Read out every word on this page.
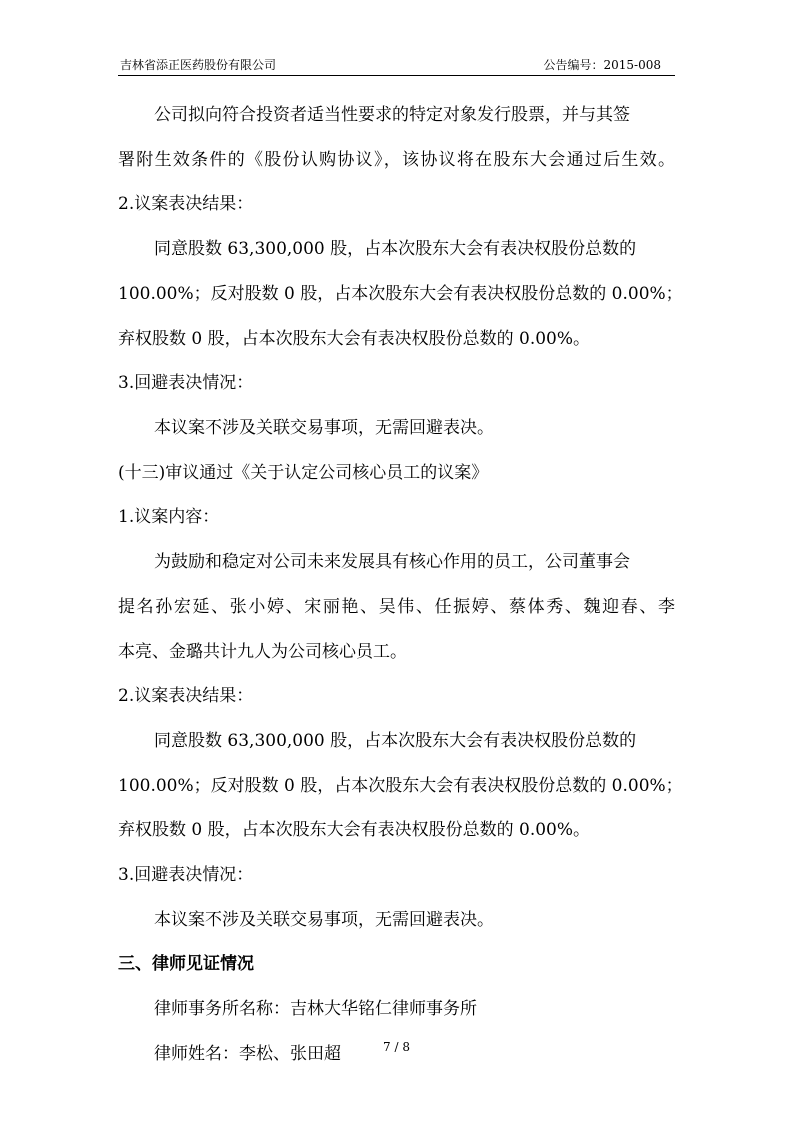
吉林省添正医药股份有限公司	公告编号：2015-008
公司拟向符合投资者适当性要求的特定对象发行股票，并与其签
署附生效条件的《股份认购协议》，该协议将在股东大会通过后生效。
2.议案表决结果：
同意股数 63,300,000 股，占本次股东大会有表决权股份总数的
100.00%；反对股数 0 股，占本次股东大会有表决权股份总数的 0.00%；
弃权股数 0 股，占本次股东大会有表决权股份总数的 0.00%。
3.回避表决情况：
本议案不涉及关联交易事项，无需回避表决。
(十三)审议通过《关于认定公司核心员工的议案》
1.议案内容：
为鼓励和稳定对公司未来发展具有核心作用的员工，公司董事会
提名孙宏延、张小婷、宋丽艳、吴伟、任振婷、蔡体秀、魏迎春、李
本亮、金璐共计九人为公司核心员工。
2.议案表决结果：
同意股数 63,300,000 股，占本次股东大会有表决权股份总数的
100.00%；反对股数 0 股，占本次股东大会有表决权股份总数的 0.00%；
弃权股数 0 股，占本次股东大会有表决权股份总数的 0.00%。
3.回避表决情况：
本议案不涉及关联交易事项，无需回避表决。
三、律师见证情况
律师事务所名称：吉林大华铭仁律师事务所
律师姓名：李松、张田超	7 / 8
